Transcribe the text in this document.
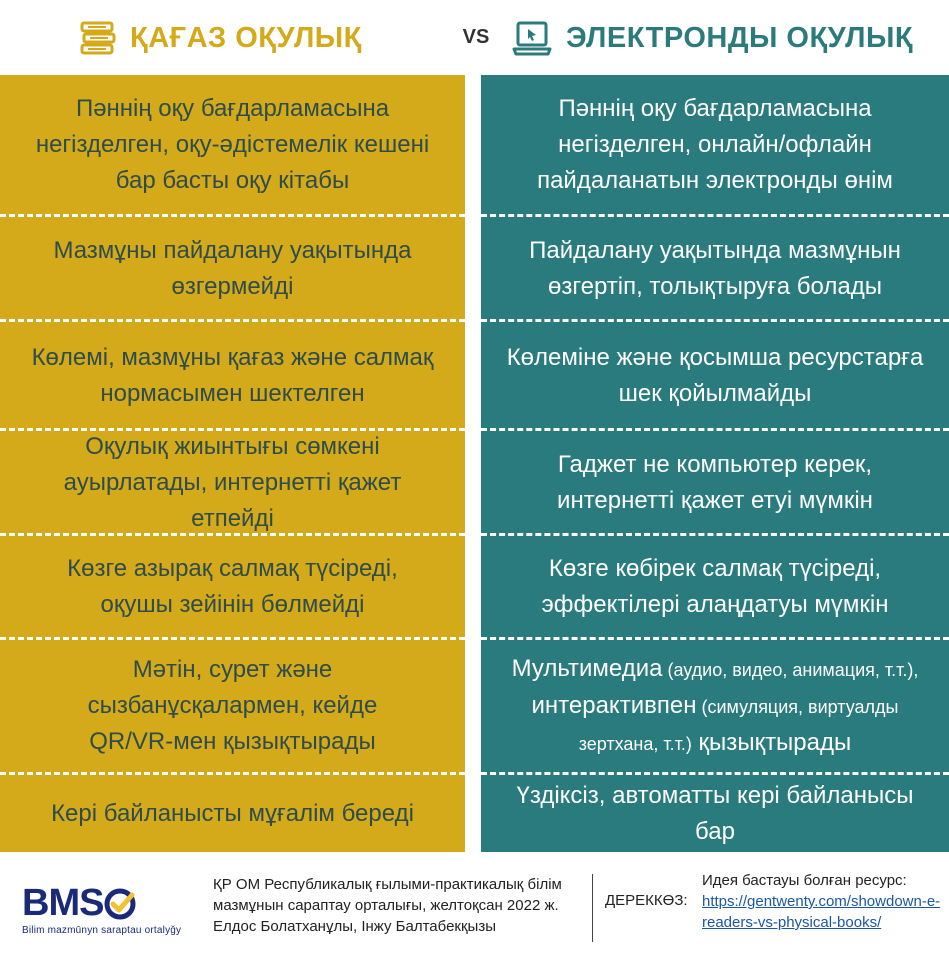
ҚАҒАЗ ОҚУЛЫҚ	VS	ЭЛЕКТРОНДЫ ОҚУЛЫҚ
Пәннің оқу бағдарламасына
негізделген, оқу-әдістемелік кешені
бар басты оқу кітабы
Мазмұны пайдалану уақытында
өзгермейді
Көлемі, мазмұны қағаз және салмақ
нормасымен шектелген
Оқулық жиынтығы сөмкені
ауырлатады, интернетті қажет етпейді
Көзге азырақ салмақ түсіреді,
оқушы зейінін бөлмейді
Мәтін, сурет және
сызбанұсқалармен, кейде
QR/VR-мен қызықтырады
Кері байланысты мұғалім береді
Пәннің оқу бағдарламасына
негізделген, онлайн/офлайн
пайдаланатын электронды өнім
Пайдалану уақытында мазмұнын
өзгертіп, толықтыруға болады
Көлеміне және қосымша ресурстарға
шек қойылмайды
Гаджет не компьютер керек,
интернетті қажет етуі мүмкін
Көзге көбірек салмақ түсіреді,
эффектілері алаңдатуы мүмкін
Мультимедиа (аудио, видео, анимация, т.т.),
интерактивпен (симуляция, виртуалды
зертхана, т.т.) қызықтырады
Үздіксіз, автоматты кері байланысы бар
BMS
Bilim mazmūnyn saraptau ortalyğy
ҚР ОМ Республикалық ғылыми-практикалық білім мазмұнын сараптау орталығы, желтоқсан 2022 ж. Елдос Болатханұлы, Інжу Балтабекқызы
ДЕРЕККӨЗ:
Идея бастауы болған ресурс:
https://gentwenty.com/showdown-e-readers-vs-physical-books/
